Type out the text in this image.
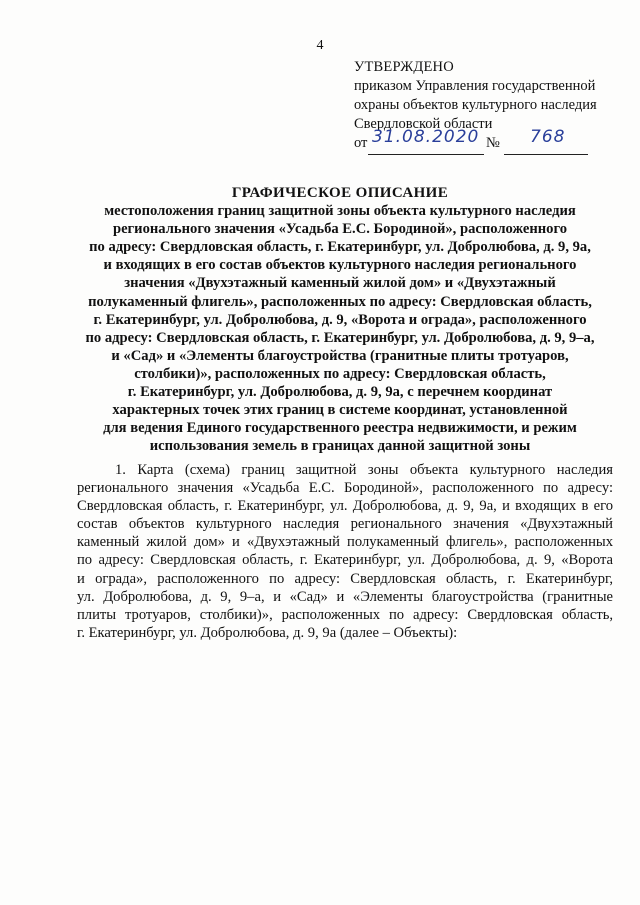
4
УТВЕРЖДЕНО
приказом Управления государственной
охраны объектов культурного наследия
Свердловской области
от 31.08.2020 № 768
ГРАФИЧЕСКОЕ ОПИСАНИЕ
местоположения границ защитной зоны объекта культурного наследия
регионального значения «Усадьба Е.С. Бородиной», расположенного
по адресу: Свердловская область, г. Екатеринбург, ул. Добролюбова, д. 9, 9а,
и входящих в его состав объектов культурного наследия регионального
значения «Двухэтажный каменный жилой дом» и «Двухэтажный
полукаменный флигель», расположенных по адресу: Свердловская область,
г. Екатеринбург, ул. Добролюбова, д. 9, «Ворота и ограда», расположенного
по адресу: Свердловская область, г. Екатеринбург, ул. Добролюбова, д. 9, 9–а,
и «Сад» и «Элементы благоустройства (гранитные плиты тротуаров,
столбики)», расположенных по адресу: Свердловская область,
г. Екатеринбург, ул. Добролюбова, д. 9, 9а, с перечнем координат
характерных точек этих границ в системе координат, установленной
для ведения Единого государственного реестра недвижимости, и режим
использования земель в границах данной защитной зоны
1. Карта (схема) границ защитной зоны объекта культурного наследия
регионального значения «Усадьба Е.С. Бородиной», расположенного по адресу:
Свердловская область, г. Екатеринбург, ул. Добролюбова, д. 9, 9а, и входящих в его
состав объектов культурного наследия регионального значения «Двухэтажный
каменный жилой дом» и «Двухэтажный полукаменный флигель», расположенных
по адресу: Свердловская область, г. Екатеринбург, ул. Добролюбова, д. 9, «Ворота
и ограда», расположенного по адресу: Свердловская область, г. Екатеринбург,
ул. Добролюбова, д. 9, 9–а, и «Сад» и «Элементы благоустройства (гранитные
плиты тротуаров, столбики)», расположенных по адресу: Свердловская область,
г. Екатеринбург, ул. Добролюбова, д. 9, 9а (далее – Объекты):
